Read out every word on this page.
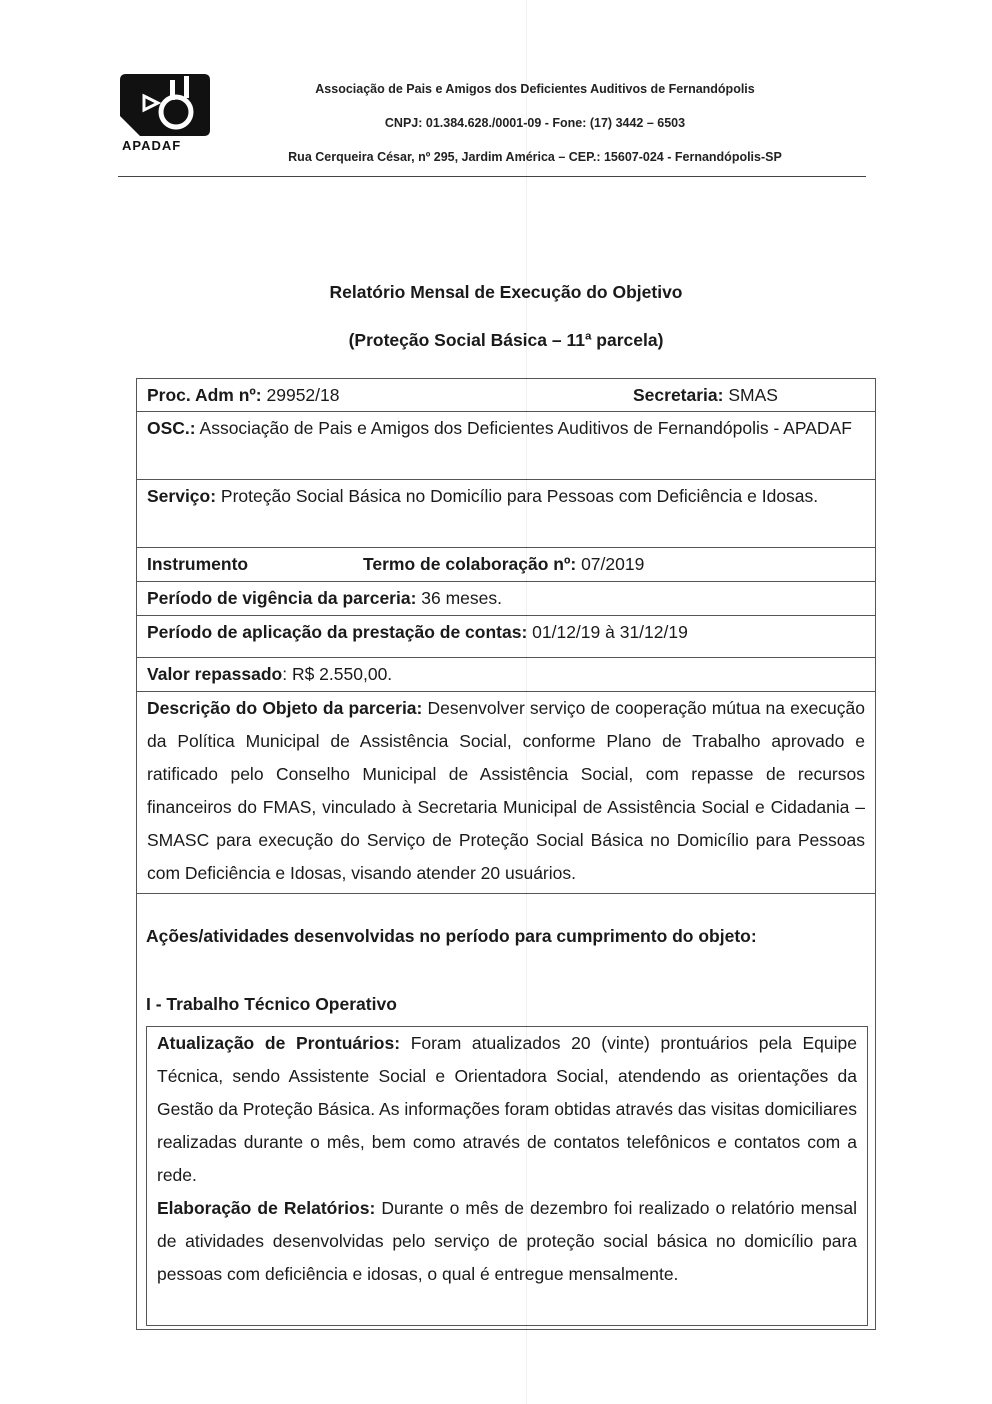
APADAF
Associação de Pais e Amigos dos Deficientes Auditivos de Fernandópolis
CNPJ: 01.384.628./0001-09 - Fone: (17) 3442 – 6503
Rua Cerqueira César, nº 295, Jardim América – CEP.: 15607-024 - Fernandópolis-SP
Relatório Mensal de Execução do Objetivo
(Proteção Social Básica – 11ª parcela)
Proc. Adm nº: 29952/18	Secretaria: SMAS
OSC.: Associação de Pais e Amigos dos Deficientes Auditivos de Fernandópolis - APADAF
Serviço: Proteção Social Básica no Domicílio para Pessoas com Deficiência e Idosas.
Instrumento	Termo de colaboração nº: 07/2019
Período de vigência da parceria: 36 meses.
Período de aplicação da prestação de contas: 01/12/19 à 31/12/19
Valor repassado: R$ 2.550,00.
Descrição do Objeto da parceria: Desenvolver serviço de cooperação mútua na execução da Política Municipal de Assistência Social, conforme Plano de Trabalho aprovado e ratificado pelo Conselho Municipal de Assistência Social, com repasse de recursos financeiros do FMAS, vinculado à Secretaria Municipal de Assistência Social e Cidadania – SMASC para execução do Serviço de Proteção Social Básica no Domicílio para Pessoas com Deficiência e Idosas, visando atender 20 usuários.
Ações/atividades desenvolvidas no período para cumprimento do objeto:
I - Trabalho Técnico Operativo
Atualização de Prontuários: Foram atualizados 20 (vinte) prontuários pela Equipe Técnica, sendo Assistente Social e Orientadora Social, atendendo as orientações da Gestão da Proteção Básica. As informações foram obtidas através das visitas domiciliares realizadas durante o mês, bem como através de contatos telefônicos e contatos com a rede.
Elaboração de Relatórios: Durante o mês de dezembro foi realizado o relatório mensal de atividades desenvolvidas pelo serviço de proteção social básica no domicílio para pessoas com deficiência e idosas, o qual é entregue mensalmente.
